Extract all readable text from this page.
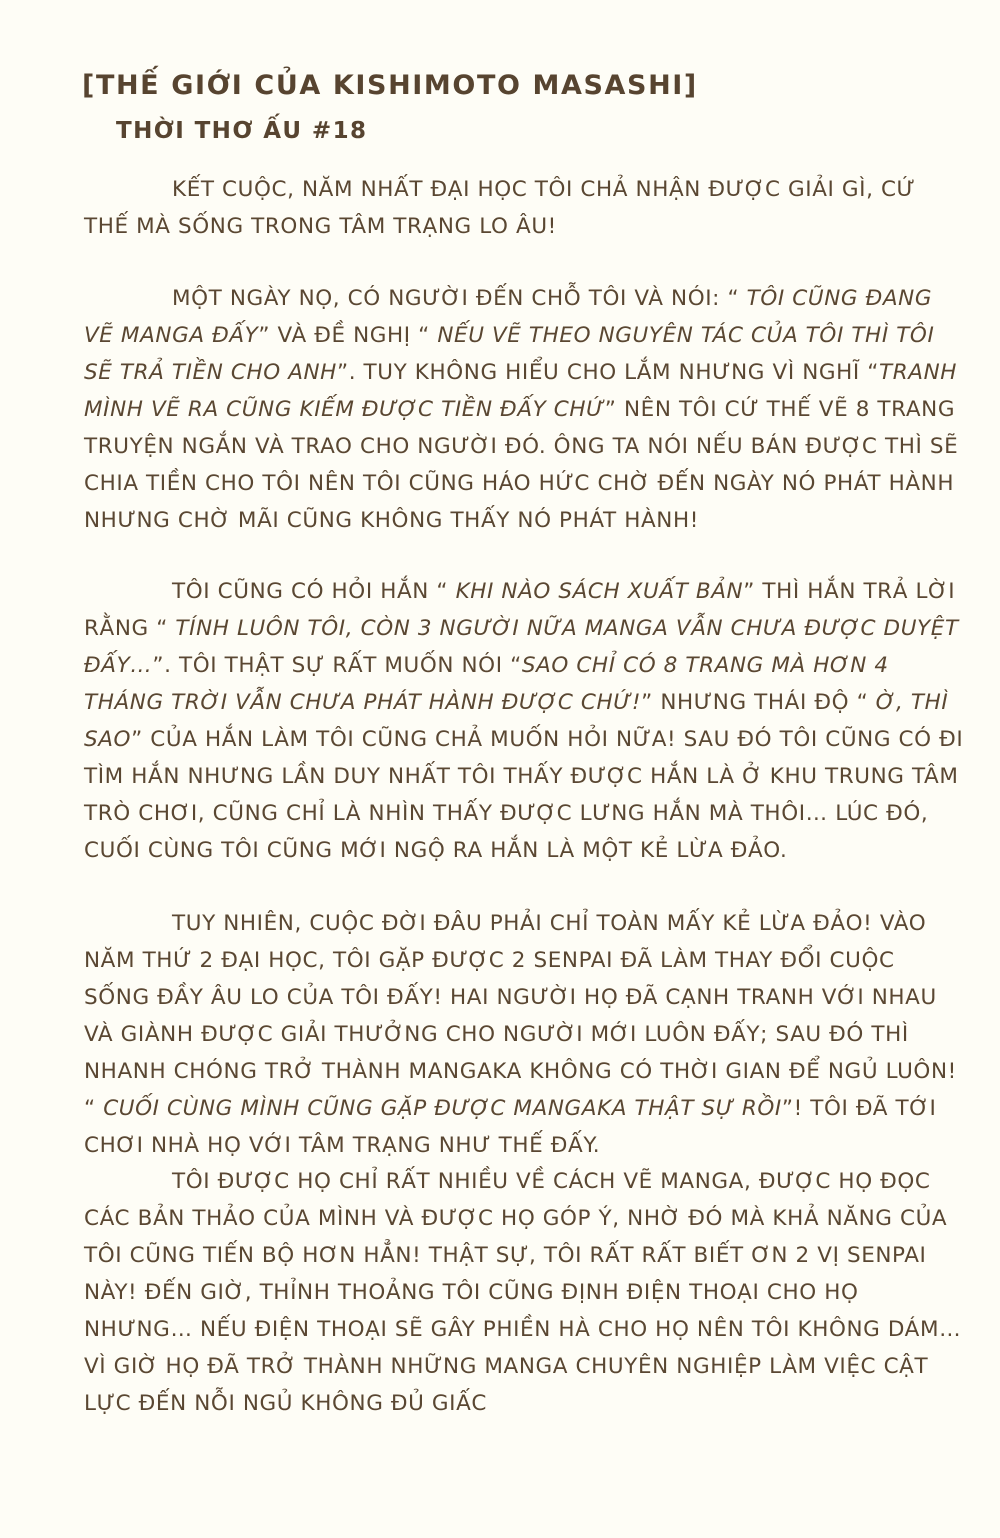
[THẾ GIỚI CỦA KISHIMOTO MASASHI]
THỜI THƠ ẤU #18

KẾT CUỘC, NĂM NHẤT ĐẠI HỌC TÔI CHẢ NHẬN ĐƯỢC GIẢI GÌ, CỨ THẾ MÀ SỐNG TRONG TÂM TRẠNG LO ÂU!

MỘT NGÀY NỌ, CÓ NGƯỜI ĐẾN CHỖ TÔI VÀ NÓI: “ TÔI CŨNG ĐANG VẼ MANGA ĐẤY” VÀ ĐỀ NGHỊ “ NẾU VẼ THEO NGUYÊN TÁC CỦA TÔI THÌ TÔI SẼ TRẢ TIỀN CHO ANH”. TUY KHÔNG HIỂU CHO LẮM NHƯNG VÌ NGHĨ “TRANH MÌNH VẼ RA CŨNG KIẾM ĐƯỢC TIỀN ĐẤY CHỨ” NÊN TÔI CỨ THẾ VẼ 8 TRANG TRUYỆN NGẮN VÀ TRAO CHO NGƯỜI ĐÓ. ÔNG TA NÓI NẾU BÁN ĐƯỢC THÌ SẼ CHIA TIỀN CHO TÔI NÊN TÔI CŨNG HÁO HỨC CHỜ ĐẾN NGÀY NÓ PHÁT HÀNH NHƯNG CHỜ MÃI CŨNG KHÔNG THẤY NÓ PHÁT HÀNH!

TÔI CŨNG CÓ HỎI HẮN “ KHI NÀO SÁCH XUẤT BẢN” THÌ HẮN TRẢ LỜI RẰNG “ TÍNH LUÔN TÔI, CÒN 3 NGƯỜI NỮA MANGA VẪN CHƯA ĐƯỢC DUYỆT ĐẤY…”. TÔI THẬT SỰ RẤT MUỐN NÓI “SAO CHỈ CÓ 8 TRANG MÀ HƠN 4 THÁNG TRỜI VẪN CHƯA PHÁT HÀNH ĐƯỢC CHỨ!” NHƯNG THÁI ĐỘ “ Ờ, THÌ SAO” CỦA HẮN LÀM TÔI CŨNG CHẢ MUỐN HỎI NỮA! SAU ĐÓ TÔI CŨNG CÓ ĐI TÌM HẮN NHƯNG LẦN DUY NHẤT TÔI THẤY ĐƯỢC HẮN LÀ Ở KHU TRUNG TÂM TRÒ CHƠI, CŨNG CHỈ LÀ NHÌN THẤY ĐƯỢC LƯNG HẮN MÀ THÔI… LÚC ĐÓ, CUỐI CÙNG TÔI CŨNG MỚI NGỘ RA HẮN LÀ MỘT KẺ LỪA ĐẢO.

TUY NHIÊN, CUỘC ĐỜI ĐÂU PHẢI CHỈ TOÀN MẤY KẺ LỪA ĐẢO! VÀO NĂM THỨ 2 ĐẠI HỌC, TÔI GẶP ĐƯỢC 2 SENPAI ĐÃ LÀM THAY ĐỔI CUỘC SỐNG ĐẦY ÂU LO CỦA TÔI ĐẤY! HAI NGƯỜI HỌ ĐÃ CẠNH TRANH VỚI NHAU VÀ GIÀNH ĐƯỢC GIẢI THƯỞNG CHO NGƯỜI MỚI LUÔN ĐẤY; SAU ĐÓ THÌ NHANH CHÓNG TRỞ THÀNH MANGAKA KHÔNG CÓ THỜI GIAN ĐỂ NGỦ LUÔN! “ CUỐI CÙNG MÌNH CŨNG GẶP ĐƯỢC MANGAKA THẬT SỰ RỒI”! TÔI ĐÃ TỚI CHƠI NHÀ HỌ VỚI TÂM TRẠNG NHƯ THẾ ĐẤY.

TÔI ĐƯỢC HỌ CHỈ RẤT NHIỀU VỀ CÁCH VẼ MANGA, ĐƯỢC HỌ ĐỌC CÁC BẢN THẢO CỦA MÌNH VÀ ĐƯỢC HỌ GÓP Ý, NHỜ ĐÓ MÀ KHẢ NĂNG CỦA TÔI CŨNG TIẾN BỘ HƠN HẲN! THẬT SỰ, TÔI RẤT RẤT BIẾT ƠN 2 VỊ SENPAI NÀY! ĐẾN GIỜ, THỈNH THOẢNG TÔI CŨNG ĐỊNH ĐIỆN THOẠI CHO HỌ NHƯNG… NẾU ĐIỆN THOẠI SẼ GÂY PHIỀN HÀ CHO HỌ NÊN TÔI KHÔNG DÁM… VÌ GIỜ HỌ ĐÃ TRỞ THÀNH NHỮNG MANGA CHUYÊN NGHIỆP LÀM VIỆC CẬT LỰC ĐẾN NỖI NGỦ KHÔNG ĐỦ GIẤC
